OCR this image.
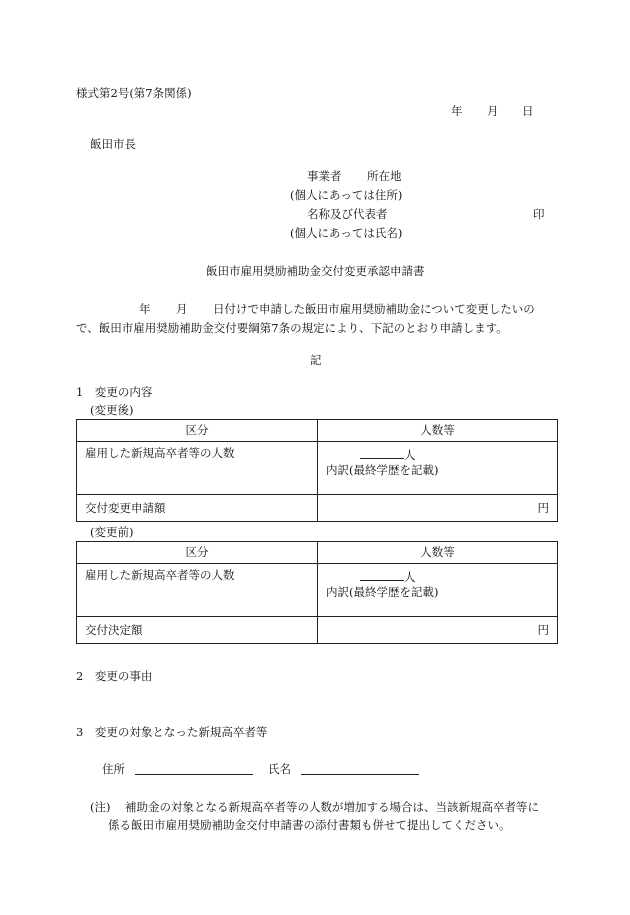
様式第2号(第7条関係)
年 月 日
飯田市長
事業者 所在地
(個人にあっては住所)
名称及び代表者	印
(個人にあっては氏名)
飯田市雇用奨励補助金交付変更承認申請書
年 月 日付けで申請した飯田市雇用奨励補助金について変更したいの
で、飯田市雇用奨励補助金交付要綱第7条の規定により、下記のとおり申請します。
記
1　変更の内容
(変更後)
区分	人数等
雇用した新規高卒者等の人数	人
内訳(最終学歴を記載)

交付変更申請額	円
(変更前)
区分	人数等
雇用した新規高卒者等の人数	人
内訳(最終学歴を記載)

交付決定額	円
2　変更の事由
3　変更の対象となった新規高卒者等
住所	氏名
(注) 補助金の対象となる新規高卒者等の人数が増加する場合は、当該新規高卒者等に
係る飯田市雇用奨励補助金交付申請書の添付書類も併せて提出してください。
